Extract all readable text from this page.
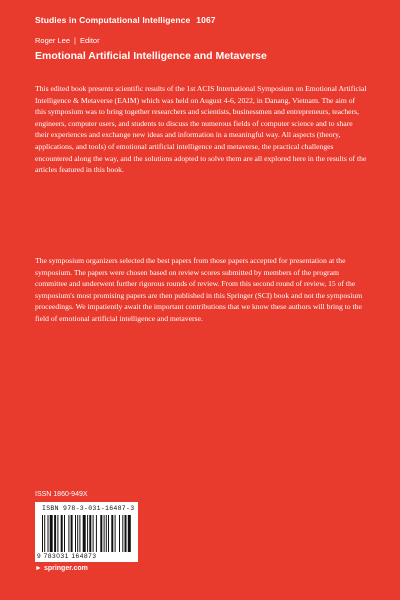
Studies in Computational Intelligence 1067
Roger Lee | Editor
Emotional Artificial Intelligence and Metaverse

This edited book presents scientific results of the 1st ACIS International Symposium on Emotional Artificial Intelligence & Metaverse (EAIM) which was held on August 4-6, 2022, in Danang, Vietnam. The aim of this symposium was to bring together researchers and scientists, businessmen and entrepreneurs, teachers, engineers, computer users, and students to discuss the numerous fields of computer science and to share their experiences and exchange new ideas and information in a meaningful way. All aspects (theory, applications, and tools) of emotional artificial intelligence and metaverse, the practical challenges encountered along the way, and the solutions adopted to solve them are all explored here in the results of the articles featured in this book.

The symposium organizers selected the best papers from those papers accepted for presentation at the symposium. The papers were chosen based on review scores submitted by members of the program committee and underwent further rigorous rounds of review. From this second round of review, 15 of the symposium's most promising papers are then published in this Springer (SCI) book and not the symposium proceedings. We impatiently await the important contributions that we know these authors will bring to the field of emotional artificial intelligence and metaverse.

ISSN 1860-949X
ISBN 978-3-031-16487-3
9 783031 164873
► springer.com
